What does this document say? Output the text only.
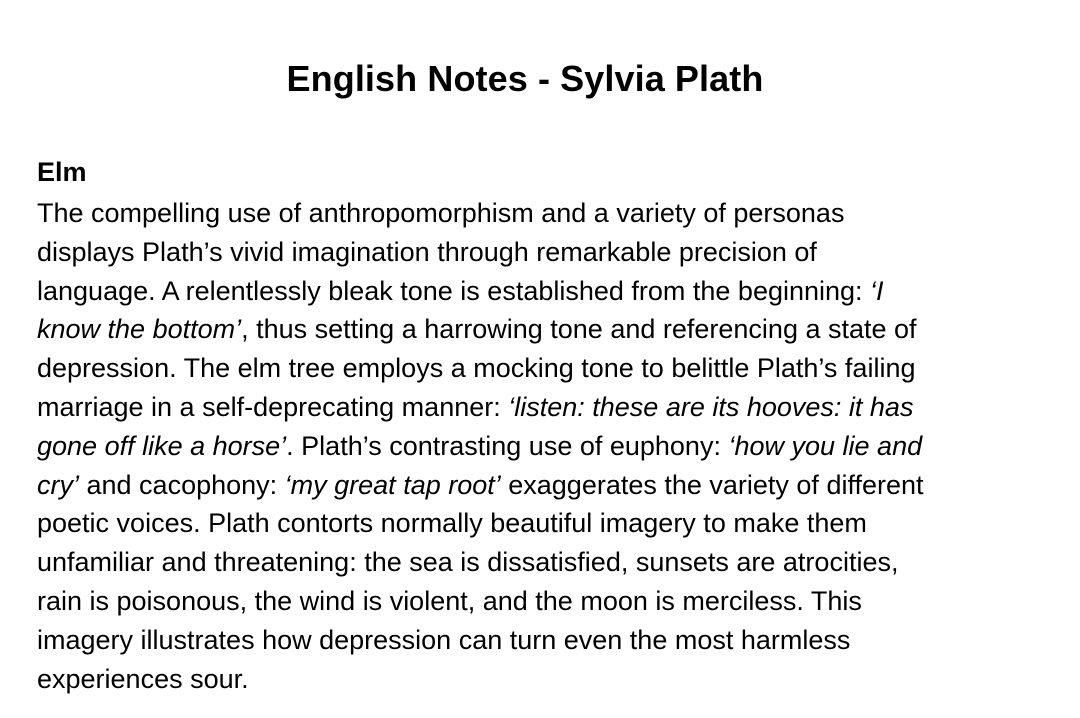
English Notes - Sylvia Plath
Elm
The compelling use of anthropomorphism and a variety of personas
displays Plath’s vivid imagination through remarkable precision of
language. A relentlessly bleak tone is established from the beginning: ‘I
know the bottom’, thus setting a harrowing tone and referencing a state of
depression. The elm tree employs a mocking tone to belittle Plath’s failing
marriage in a self-deprecating manner: ‘listen: these are its hooves: it has
gone off like a horse’. Plath’s contrasting use of euphony: ‘how you lie and
cry’ and cacophony: ‘my great tap root’ exaggerates the variety of different
poetic voices. Plath contorts normally beautiful imagery to make them
unfamiliar and threatening: the sea is dissatisfied, sunsets are atrocities,
rain is poisonous, the wind is violent, and the moon is merciless. This
imagery illustrates how depression can turn even the most harmless
experiences sour.
